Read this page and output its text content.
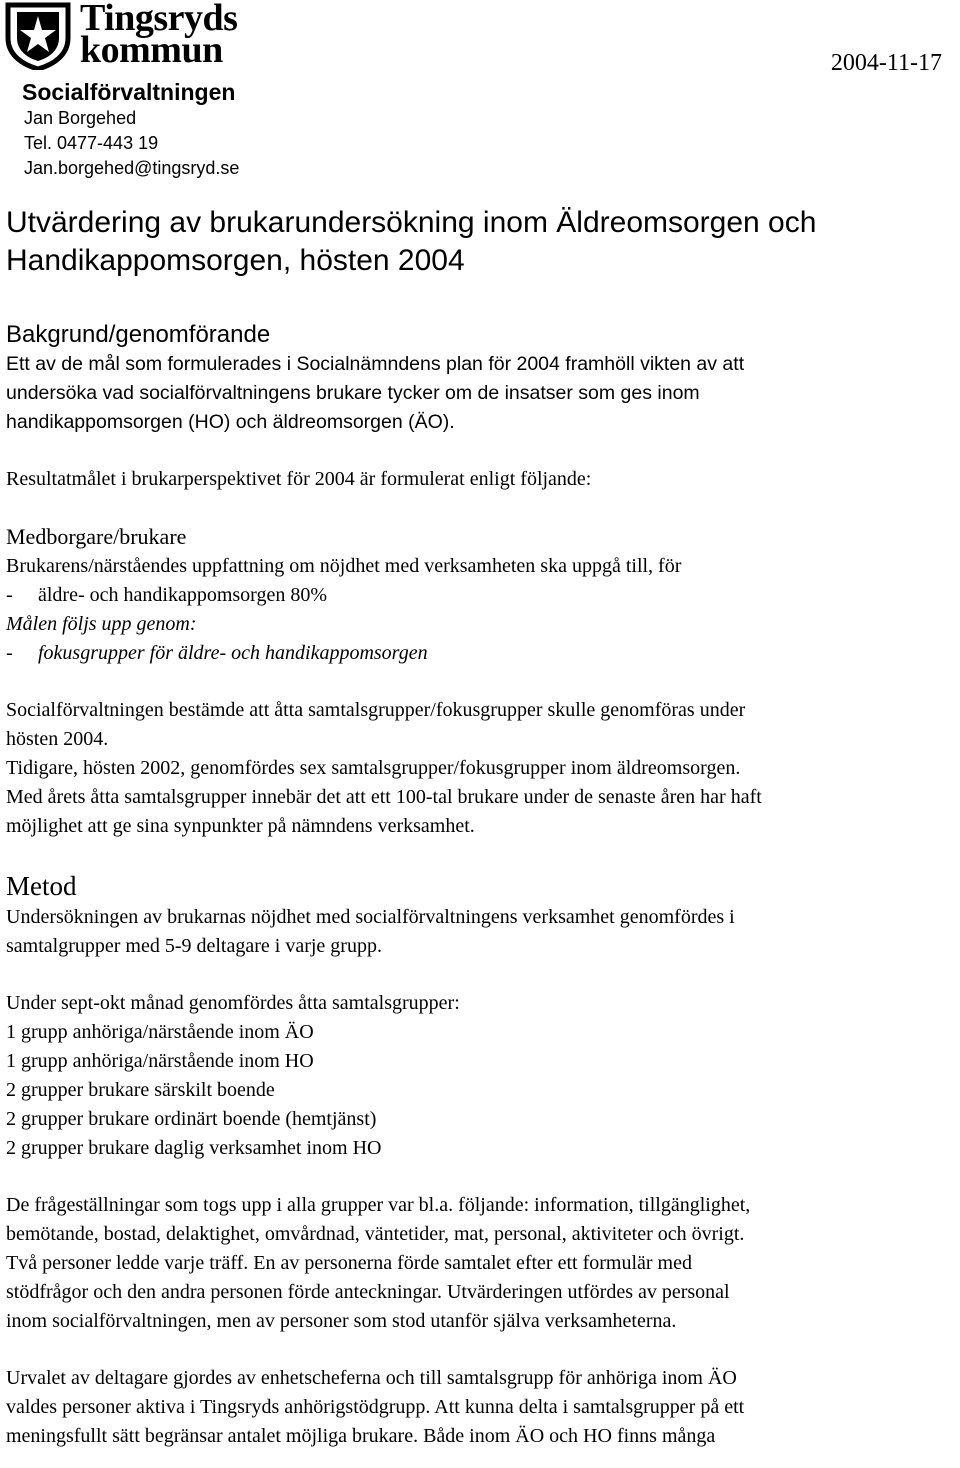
Tingsryds
kommun	2004-11-17
Socialförvaltningen
Jan Borgehed
Tel. 0477-443 19
Jan.borgehed@tingsryd.se
Utvärdering av brukarundersökning inom Äldreomsorgen och
Handikappomsorgen, hösten 2004
Bakgrund/genomförande

Ett av de mål som formulerades i Socialnämndens plan för 2004 framhöll vikten av att

undersöka vad socialförvaltningens brukare tycker om de insatser som ges inom

handikappomsorgen (HO) och äldreomsorgen (ÄO).

Resultatmålet i brukarperspektivet för 2004 är formulerat enligt följande:

Medborgare/brukare

Brukarens/närståendes uppfattning om nöjdhet med verksamheten ska uppgå till, för

- äldre- och handikappomsorgen 80%

Målen följs upp genom:

- fokusgrupper för äldre- och handikappomsorgen

Socialförvaltningen bestämde att åtta samtalsgrupper/fokusgrupper skulle genomföras under

hösten 2004.

Tidigare, hösten 2002, genomfördes sex samtalsgrupper/fokusgrupper inom äldreomsorgen.

Med årets åtta samtalsgrupper innebär det att ett 100-tal brukare under de senaste åren har haft

möjlighet att ge sina synpunkter på nämndens verksamhet.

Metod

Undersökningen av brukarnas nöjdhet med socialförvaltningens verksamhet genomfördes i

samtalgrupper med 5-9 deltagare i varje grupp.

Under sept-okt månad genomfördes åtta samtalsgrupper:

1 grupp anhöriga/närstående inom ÄO

1 grupp anhöriga/närstående inom HO

2 grupper brukare särskilt boende

2 grupper brukare ordinärt boende (hemtjänst)

2 grupper brukare daglig verksamhet inom HO

De frågeställningar som togs upp i alla grupper var bl.a. följande: information, tillgänglighet,

bemötande, bostad, delaktighet, omvårdnad, väntetider, mat, personal, aktiviteter och övrigt.

Två personer ledde varje träff. En av personerna förde samtalet efter ett formulär med

stödfrågor och den andra personen förde anteckningar. Utvärderingen utfördes av personal

inom socialförvaltningen, men av personer som stod utanför själva verksamheterna.

Urvalet av deltagare gjordes av enhetscheferna och till samtalsgrupp för anhöriga inom ÄO

valdes personer aktiva i Tingsryds anhörigstödgrupp. Att kunna delta i samtalsgrupper på ett

meningsfullt sätt begränsar antalet möjliga brukare. Både inom ÄO och HO finns många
